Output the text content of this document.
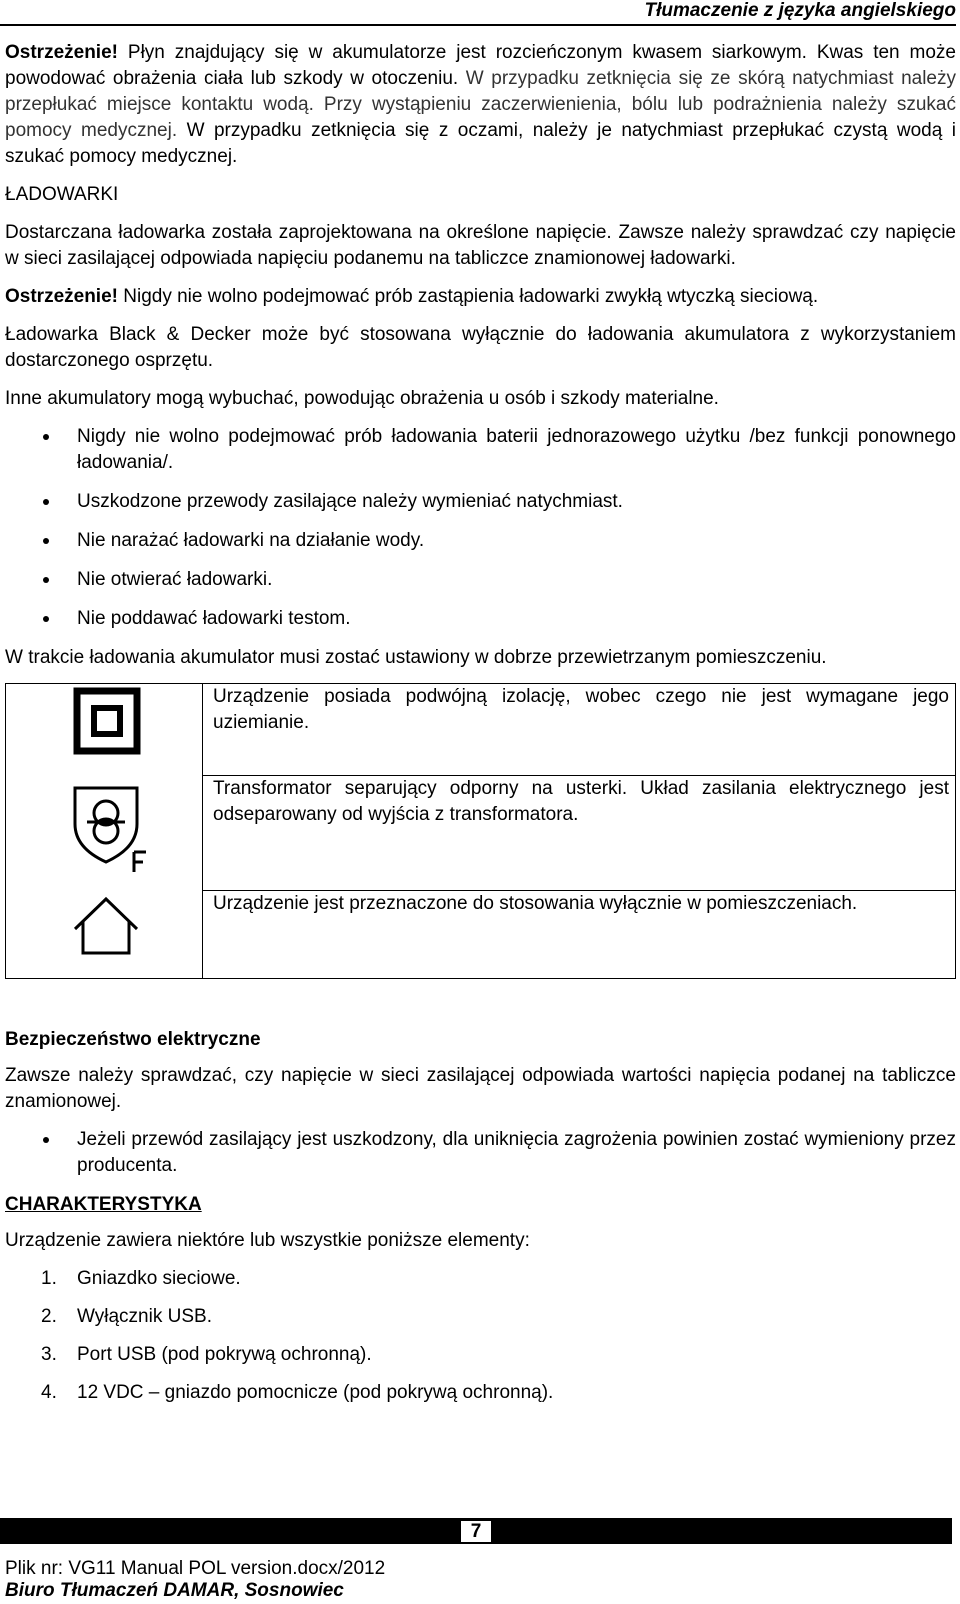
Tłumaczenie z języka angielskiego

Ostrzeżenie! Płyn znajdujący się w akumulatorze jest rozcieńczonym kwasem siarkowym. Kwas ten może powodować obrażenia ciała lub szkody w otoczeniu. W przypadku zetknięcia się ze skórą natychmiast należy przepłukać miejsce kontaktu wodą. Przy wystąpieniu zaczerwienienia, bólu lub podrażnienia należy szukać pomocy medycznej. W przypadku zetknięcia się z oczami, należy je natychmiast przepłukać czystą wodą i szukać pomocy medycznej.

ŁADOWARKI

Dostarczana ładowarka została zaprojektowana na określone napięcie. Zawsze należy sprawdzać czy napięcie w sieci zasilającej odpowiada napięciu podanemu na tabliczce znamionowej ładowarki.

Ostrzeżenie! Nigdy nie wolno podejmować prób zastąpienia ładowarki zwykłą wtyczką sieciową.

Ładowarka Black & Decker może być stosowana wyłącznie do ładowania akumulatora z wykorzystaniem dostarczonego osprzętu.

Inne akumulatory mogą wybuchać, powodując obrażenia u osób i szkody materialne.

Nigdy nie wolno podejmować prób ładowania baterii jednorazowego użytku /bez funkcji ponownego ładowania/.
Uszkodzone przewody zasilające należy wymieniać natychmiast.
Nie narażać ładowarki na działanie wody.
Nie otwierać ładowarki.
Nie poddawać ładowarki testom.

W trakcie ładowania akumulator musi zostać ustawiony w dobrze przewietrzanym pomieszczeniu.

Urządzenie posiada podwójną izolację, wobec czego nie jest wymagane jego uziemianie.

Transformator separujący odporny na usterki. Układ zasilania elektrycznego jest odseparowany od wyjścia z transformatora.

Urządzenie jest przeznaczone do stosowania wyłącznie w pomieszczeniach.

Bezpieczeństwo elektryczne

Zawsze należy sprawdzać, czy napięcie w sieci zasilającej odpowiada wartości napięcia podanej na tabliczce znamionowej.

Jeżeli przewód zasilający jest uszkodzony, dla uniknięcia zagrożenia powinien zostać wymieniony przez producenta.
CHARAKTERYSTYKA

Urządzenie zawiera niektóre lub wszystkie poniższe elementy:

1. Gniazdko sieciowe.
2. Wyłącznik USB.
3. Port USB (pod pokrywą ochronną).
4. 12 VDC – gniazdo pomocnicze (pod pokrywą ochronną).
7
Plik nr: VG11 Manual POL version.docx/2012
Biuro Tłumaczeń DAMAR, Sosnowiec
